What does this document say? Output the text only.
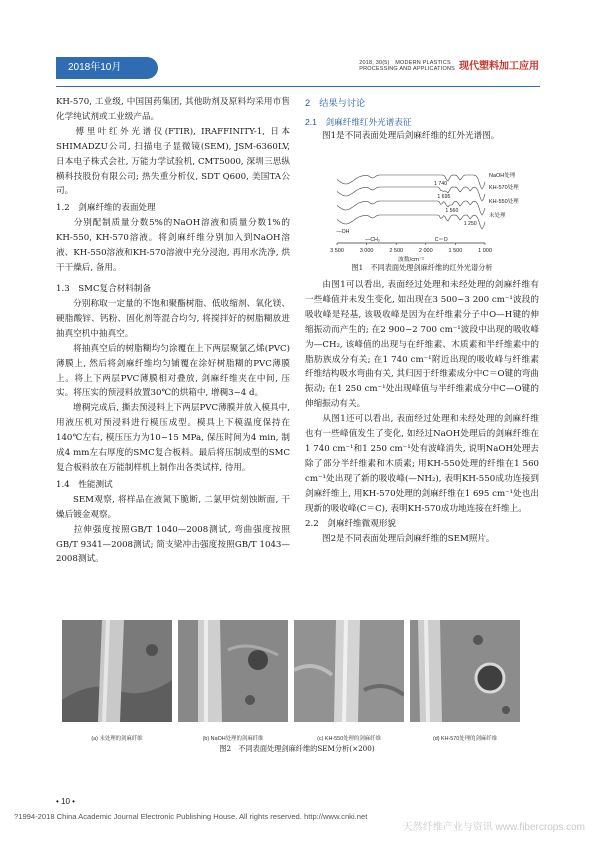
2018年10月	2018, 30(5)　 MODERN PLASTICS
PROCESSING AND APPLICATIONS 现代塑料加工应用
KH-570, 工业级, 中国国药集团, 其他助剂及原料均采用市售化学纯试剂或工业级产品。
傅里叶红外光谱仪(FTIR), IRAFFINITY-1, 日本SHIMADZU公司, 扫描电子显微镜(SEM), JSM-6360LV, 日本电子株式会社, 万能力学试验机, CMT5000, 深圳三思纵横科技股份有限公司; 热失重分析仪, SDT Q600, 美国TA公司。
1.2　剑麻纤维的表面处理
分别配制质量分数5%的NaOH溶液和质量分数1%的KH-550, KH-570溶液。将剑麻纤维分别加入到NaOH溶液、KH-550溶液和KH-570溶液中充分浸泡, 再用水洗净, 烘干干燥后, 备用。
1.3　SMC复合材料制备
分别称取一定量的不饱和聚酯树脂、低收缩剂、氧化镁、硬脂酸锌、钙粉、固化剂等混合均匀, 将搅拌好的树脂糊放进抽真空机中抽真空。
将抽真空后的树脂糊均匀涂覆在上下两层聚氯乙烯(PVC)薄膜上, 然后将剑麻纤维均匀铺覆在涂好树脂糊的PVC薄膜上。将上下两层PVC薄膜相对叠放, 剑麻纤维夹在中间, 压实。将压实的预浸料放置30℃的烘箱中, 增稠3~4 d。
增稠完成后, 撕去预浸料上下两层PVC薄膜并放入模具中, 用液压机对预浸料进行模压成型。模具上下模温度保持在140℃左右, 模压压力为10~15 MPa, 保压时间为4 min, 制成4 mm左右厚度的SMC复合板料。最后将压制成型的SMC复合板料放在万能制样机上制作出各类试样, 待用。
1.4　性能测试
SEM观察, 将样品在液氮下脆断, 二氯甲烷刻蚀断面, 干燥后镀金观察。
拉伸强度按照GB/T 1040—2008测试, 弯曲强度按照GB/T 9341—2008测试; 简支梁冲击强度按照GB/T 1043—2008测试。
2　结果与讨论
2.1　剑麻纤维红外光谱表征
图1是不同表面处理后剑麻纤维的红外光谱图。
3 500	3 000	2 500	2 000	1 500	1 000
波数/cm⁻¹
NaOH处理
KH-570处理
KH-550处理
未处理
—OH
—CH₂	C＝O
1 740
1 695
1 560
1 250
图1　不同表面处理剑麻纤维的红外光谱分析
由图1可以看出, 表面经过处理和未经处理的剑麻纤维有一些峰值并未发生变化, 如出现在3 500~3 200 cm⁻¹波段的吸收峰是羟基, 该吸收峰是因为在纤维素分子中O—H键的伸缩振动而产生的; 在2 900~2 700 cm⁻¹波段中出现的吸收峰为—CH₂, 该峰值的出现与在纤维素、木质素和半纤维素中的脂肪族成分有关; 在1 740 cm⁻¹附近出现的吸收峰与纤维素纤维结构吸水弯曲有关, 其归因于纤维素成分中C＝O键的弯曲振动; 在1 250 cm⁻¹处出现峰值与半纤维素成分中C—O键的伸缩振动有关。
从图1还可以看出, 表面经过处理和未经处理的剑麻纤维也有一些峰值发生了变化, 如经过NaOH处理后的剑麻纤维在1 740 cm⁻¹和1 250 cm⁻¹处有波峰消失, 说明NaOH处理去除了部分半纤维素和木质素; 用KH-550处理的纤维在1 560 cm⁻¹处出现了新的吸收峰(—NH₂), 表明KH-550成功连接到剑麻纤维上, 用KH-570处理的剑麻纤维在1 695 cm⁻¹处也出现新的吸收峰(C＝C), 表明KH-570成功地连接在纤维上。
2.2　剑麻纤维微观形貌
图2是不同表面处理后剑麻纤维的SEM照片。
(a) 未处理的剑麻纤维	(b) NaOH处理的剑麻纤维	(c) KH-550处理的剑麻纤维	(d) KH-570处理的剑麻纤维
图2　不同表面处理剑麻纤维的SEM分析(×200)
• 10 •
?1994-2018 China Academic Journal Electronic Publishing House. All rights reserved. http://www.cnki.net
天然纤维产业与资讯 www.fibercrops.com
